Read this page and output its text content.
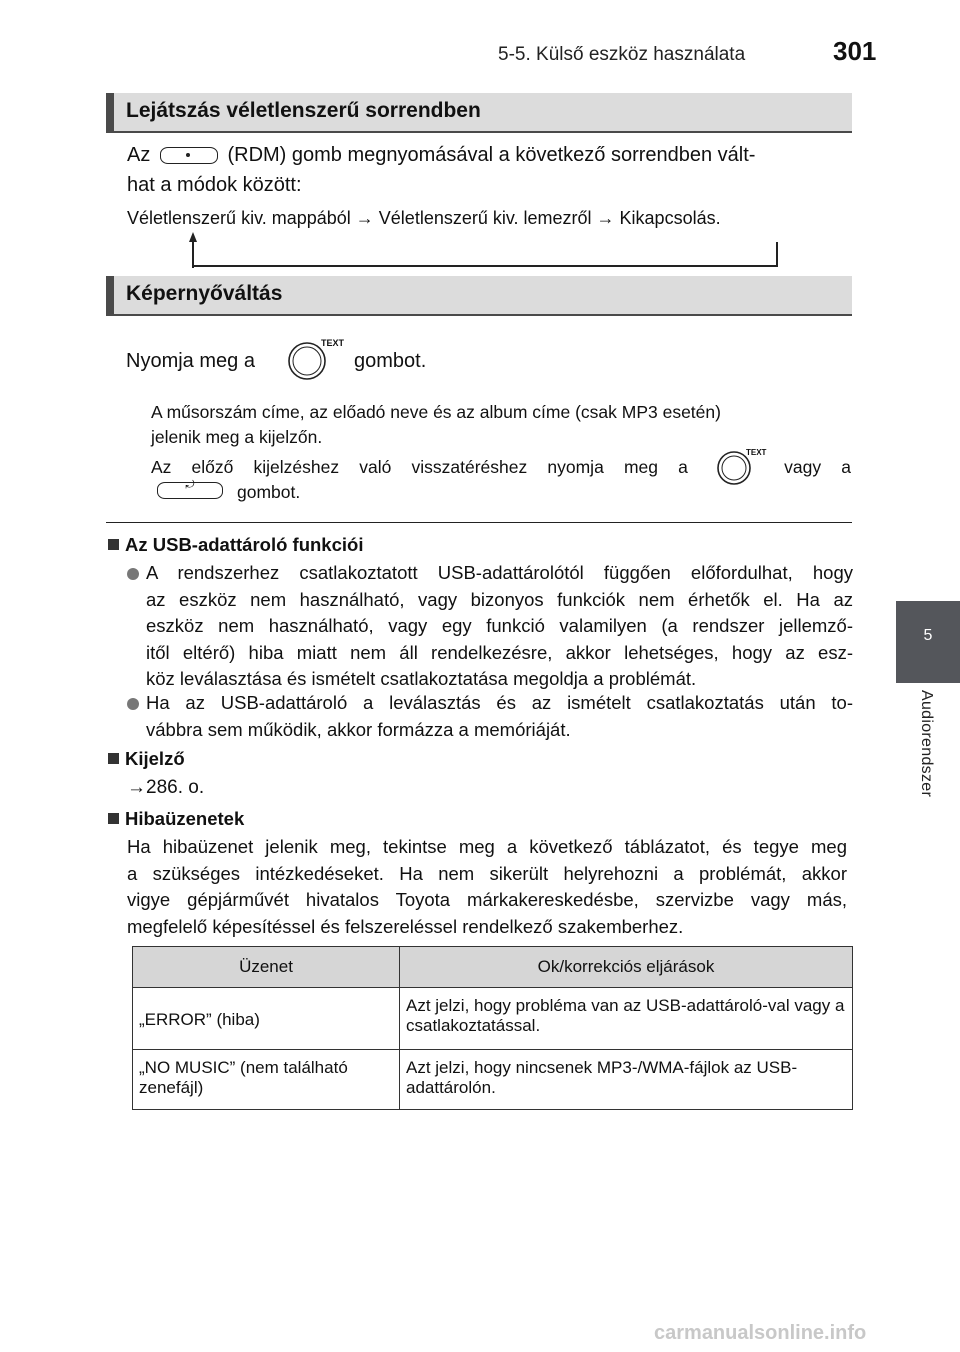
5-5. Külső eszköz használata	301
5
Audiorendszer
Lejátszás véletlenszerű sorrendben
Az	(RDM) gomb megnyomásával a következő sorrendben vált-
hat a módok között:
Véletlenszerű kiv. mappából → Véletlenszerű kiv. lemezről → Kikapcsolás.
Képernyőváltás
Nyomja meg a
TEXT
gombot.
A műsorszám címe, az előadó neve és az album címe (csak MP3 esetén)
jelenik meg a kijelzőn.
Az előző kijelzéshez való visszatéréshez nyomja meg a	vagy a
TEXT
⤾	gombot.
Az USB-adattároló funkciói
A rendszerhez csatlakoztatott USB-adattárolótól függően előfordulhat, hogy
az eszköz nem használható, vagy bizonyos funkciók nem érhetők el. Ha az
eszköz nem használható, vagy egy funkció valamilyen (a rendszer jellemző-
itől eltérő) hiba miatt nem áll rendelkezésre, akkor lehetséges, hogy az esz-
köz leválasztása és ismételt csatlakoztatása megoldja a problémát.
Ha az USB-adattároló a leválasztás és az ismételt csatlakoztatás után to-
vábbra sem működik, akkor formázza a memóriáját.
Kijelző
→286. o.
Hibaüzenetek
Ha hibaüzenet jelenik meg, tekintse meg a következő táblázatot, és tegye meg
a szükséges intézkedéseket. Ha nem sikerült helyrehozni a problémát, akkor
vigye gépjárművét hivatalos Toyota márkakereskedésbe, szervizbe vagy más,
megfelelő képesítéssel és felszereléssel rendelkező szakemberhez.
Üzenet	Ok/korrekciós eljárások
„ERROR” (hiba)	Azt jelzi, hogy probléma van az USB-adattároló-val vagy a csatlakoztatással.
„NO MUSIC” (nem található zenefájl)	Azt jelzi, hogy nincsenek MP3-/WMA-fájlok az USB-adattárolón.
carmanualsonline.info
